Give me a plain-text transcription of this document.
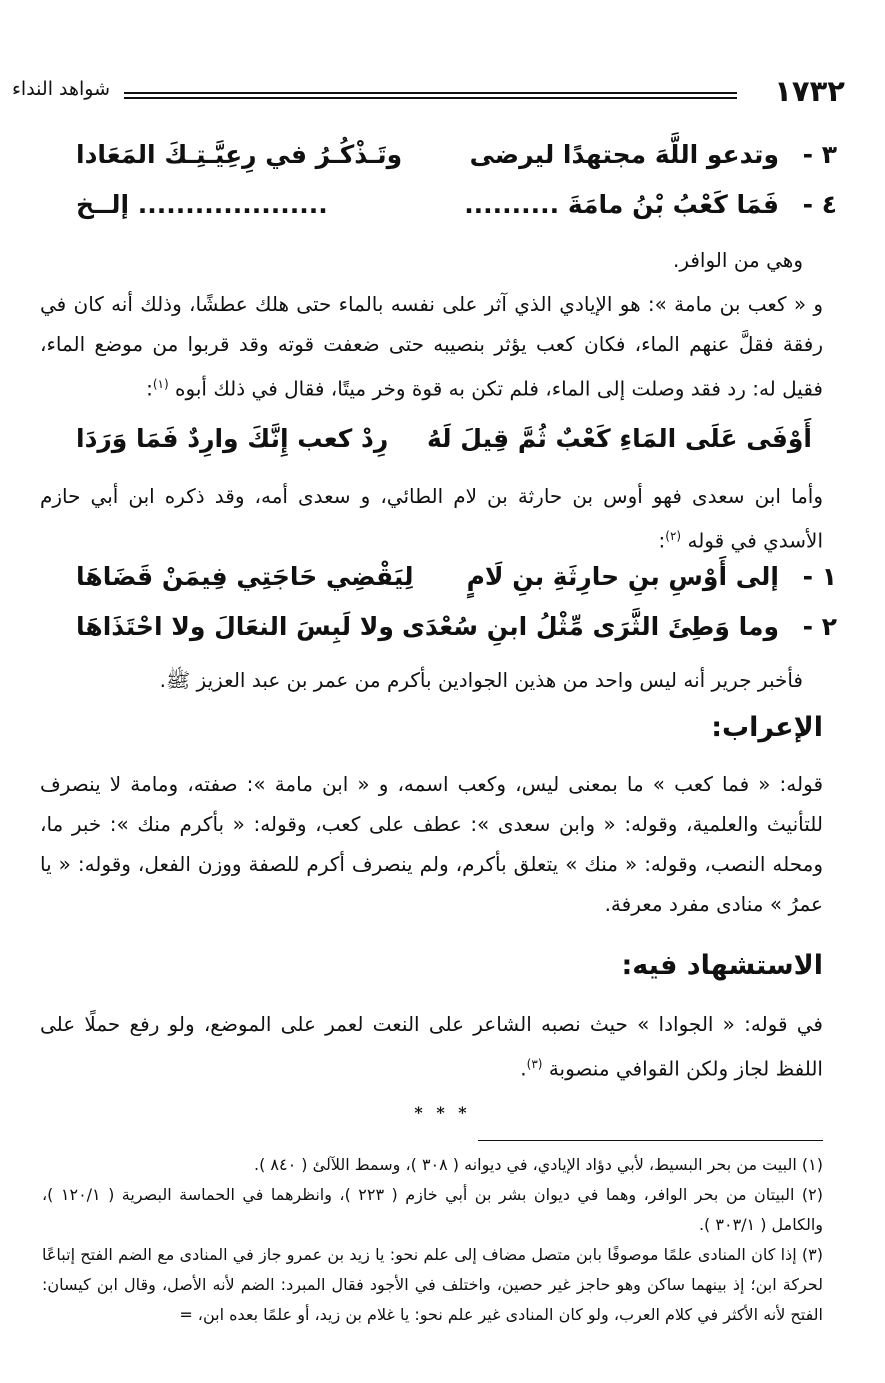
١٧٣٢
شواهد النداء
٣ -
وتدعو اللَّهَ مجتهدًا ليرضى
وتَـذْكُـرُ في رِعِيَّـتِـكَ المَعَادا
٤ -
فَمَا كَعْبُ بْنُ مامَةَ ..........
.................... إلــخ
وهي من الوافر.
و « كعب بن مامة »: هو الإيادي الذي آثر على نفسه بالماء حتى هلك عطشًا، وذلك أنه كان في رفقة فقلَّ عنهم الماء، فكان كعب يؤثر بنصيبه حتى ضعفت قوته وقد قربوا من موضع الماء، فقيل له: رد فقد وصلت إلى الماء، فلم تكن به قوة وخر ميتًا، فقال في ذلك أبوه $^{(١)}$:
أَوْفَى عَلَى المَاءِ كَعْبٌ ثُمَّ قِيلَ لَهُ
رِدْ كعب إِنَّكَ وارِدٌ فَمَا وَرَدَا
وأما ابن سعدى فهو أوس بن حارثة بن لام الطائي، و سعدى أمه، وقد ذكره ابن أبي حازم الأسدي في قوله $^{(٢)}$:
١ -
إلى أَوْسِ بنِ حارِثَةِ بنِ لَامٍ
لِيَقْضِي حَاجَتِي فِيمَنْ قَضَاهَا
٢ -
وما وَطِئَ الثَّرَى مِّثْلُ ابنِ سُعْدَى
ولا لَبِسَ النعَالَ ولا احْتَذَاهَا
فأخبر جرير أنه ليس واحد من هذين الجوادين بأكرم من عمر بن عبد العزيز ﷺ.
الإعراب:
قوله: « فما كعب » ما بمعنى ليس، وكعب اسمه، و « ابن مامة »: صفته، ومامة لا ينصرف للتأنيث والعلمية، وقوله: « وابن سعدى »: عطف على كعب، وقوله: « بأكرم منك »: خبر ما، ومحله النصب، وقوله: « منك » يتعلق بأكرم، ولم ينصرف أكرم للصفة ووزن الفعل، وقوله: « يا عمرُ » منادى مفرد معرفة.
الاستشهاد فيه:
في قوله: « الجوادا » حيث نصبه الشاعر على النعت لعمر على الموضع، ولو رفع حملًا على اللفظ لجاز ولكن القوافي منصوبة $^{(٣)}$.
* * *

(١) البيت من بحر البسيط، لأبي دؤاد الإيادي، في ديوانه ( ٣٠٨ )، وسمط اللآلئ ( ٨٤٠ ).

(٢) البيتان من بحر الوافر، وهما في ديوان بشر بن أبي خازم ( ٢٢٣ )، وانظرهما في الحماسة البصرية ( ١٢٠/١ )، والكامل ( ٣٠٣/١ ).

(٣) إذا كان المنادى علمًا موصوفًا بابن متصل مضاف إلى علم نحو: يا زيد بن عمرو جاز في المنادى مع الضم الفتح إتباعًا لحركة ابن؛ إذ بينهما ساكن وهو حاجز غير حصين، واختلف في الأجود فقال المبرد: الضم لأنه الأصل، وقال ابن كيسان: الفتح لأنه الأكثر في كلام العرب، ولو كان المنادى غير علم نحو: يا غلام بن زيد، أو علمًا بعده ابن، =
